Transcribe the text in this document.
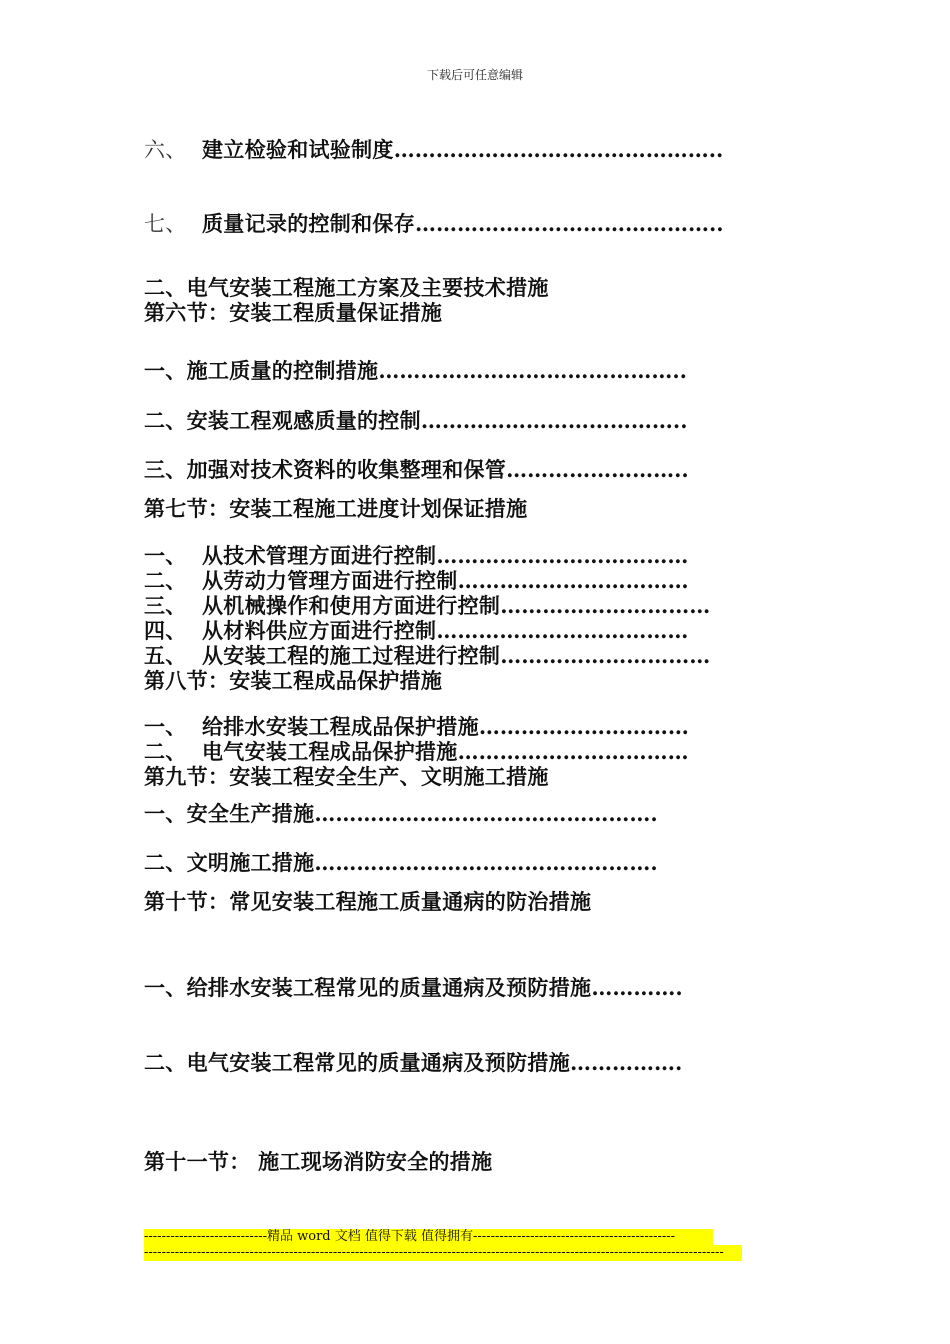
下载后可任意编辑
六、 建立检验和试验制度………………………………………..
七、 质量记录的控制和保存……………………………………..
二、电气安装工程施工方案及主要技术措施
第六节：安装工程质量保证措施
一、施工质量的控制措施……………………………………..
二、安装工程观感质量的控制………………………………..
三、加强对技术资料的收集整理和保管……………………..
第七节：安装工程施工进度计划保证措施
一、 从技术管理方面进行控制………………………………
二、 从劳动力管理方面进行控制……………………………
三、 从机械操作和使用方面进行控制…………………………
四、 从材料供应方面进行控制………………………………
五、 从安装工程的施工过程进行控制…………………………
第八节：安装工程成品保护措施
一、 给排水安装工程成品保护措施…………………………
二、 电气安装工程成品保护措施……………………………
第九节：安装工程安全生产、文明施工措施
一、安全生产措施………………………………………….
二、文明施工措施………………………………………….
第十节：常见安装工程施工质量通病的防治措施
一、给排水安装工程常见的质量通病及预防措施………….
二、电气安装工程常见的质量通病及预防措施…………….
第十一节： 施工现场消防安全的措施
----------------------------精品 word 文档 值得下载 值得拥有----------------------------------------------
------------------------------------------------------------------------------------------------------------------------------------
